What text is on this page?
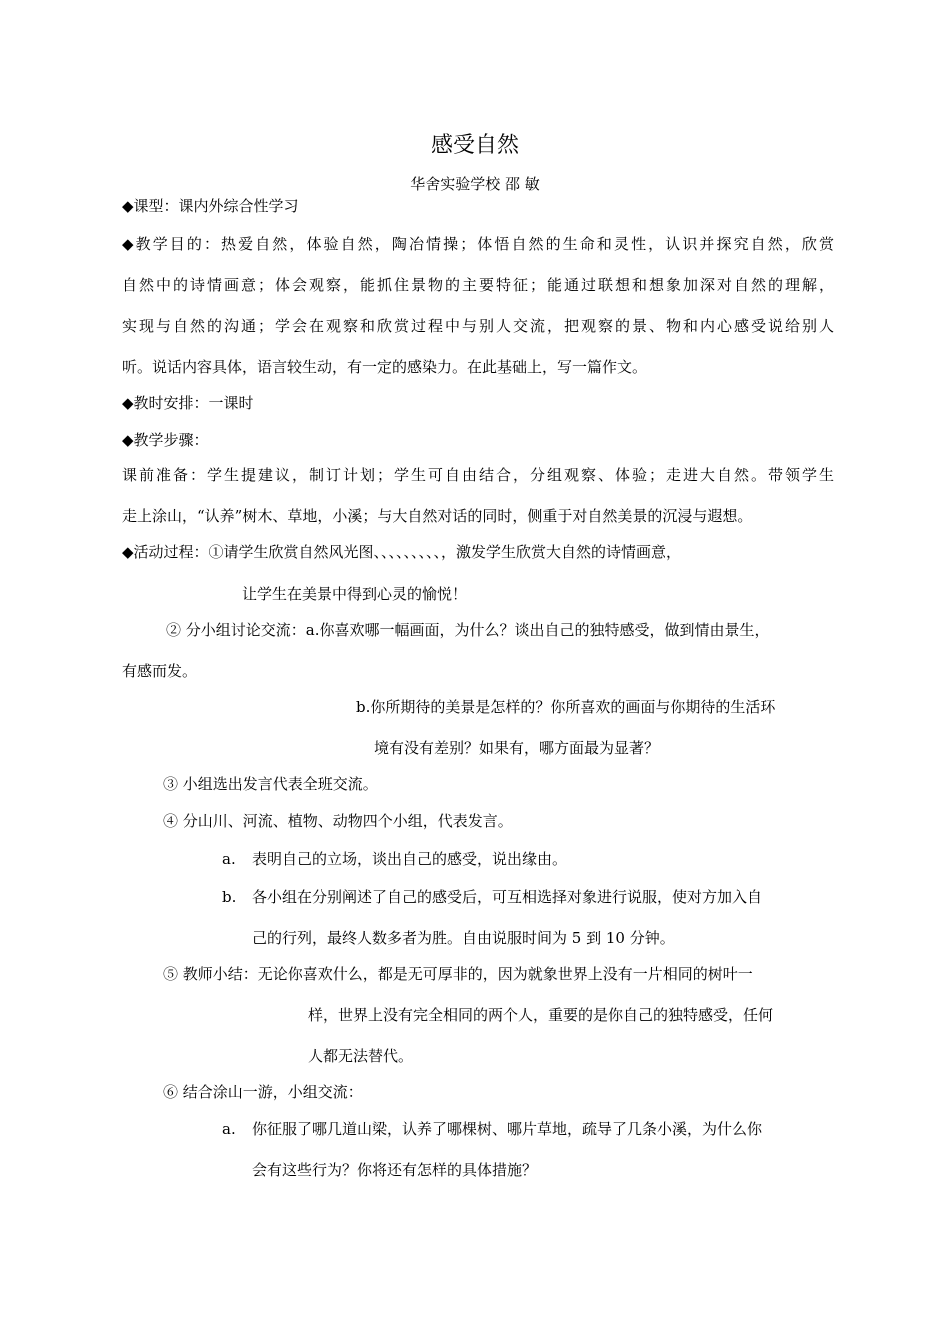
感受自然
华舍实验学校 邵 敏
◆课型：课内外综合性学习
◆教学目的：热爱自然，体验自然，陶冶情操；体悟自然的生命和灵性，认识并探究自然，欣赏
自然中的诗情画意；体会观察，能抓住景物的主要特征；能通过联想和想象加深对自然的理解，
实现与自然的沟通；学会在观察和欣赏过程中与别人交流，把观察的景、物和内心感受说给别人
听。说话内容具体，语言较生动，有一定的感染力。在此基础上，写一篇作文。
◆教时安排：一课时
◆教学步骤：
课前准备：学生提建议，制订计划；学生可自由结合，分组观察、体验；走进大自然。带领学生
走上涂山，“认养”树木、草地，小溪；与大自然对话的同时，侧重于对自然美景的沉浸与遐想。
◆活动过程：①请学生欣赏自然风光图、、、、、、、、、，激发学生欣赏大自然的诗情画意，
让学生在美景中得到心灵的愉悦！
② 分小组讨论交流：a.你喜欢哪一幅画面，为什么？谈出自己的独特感受，做到情由景生，
有感而发。
b.你所期待的美景是怎样的？你所喜欢的画面与你期待的生活环
境有没有差别？如果有，哪方面最为显著？
③ 小组选出发言代表全班交流。
④ 分山川、河流、植物、动物四个小组，代表发言。
a. 表明自己的立场，谈出自己的感受，说出缘由。
b. 各小组在分别阐述了自己的感受后，可互相选择对象进行说服，使对方加入自
己的行列，最终人数多者为胜。自由说服时间为 5 到 10 分钟。
⑤ 教师小结：无论你喜欢什么，都是无可厚非的，因为就象世界上没有一片相同的树叶一
样，世界上没有完全相同的两个人，重要的是你自己的独特感受，任何
人都无法替代。
⑥ 结合涂山一游，小组交流：
a. 你征服了哪几道山梁，认养了哪棵树、哪片草地，疏导了几条小溪，为什么你
会有这些行为？你将还有怎样的具体措施？
